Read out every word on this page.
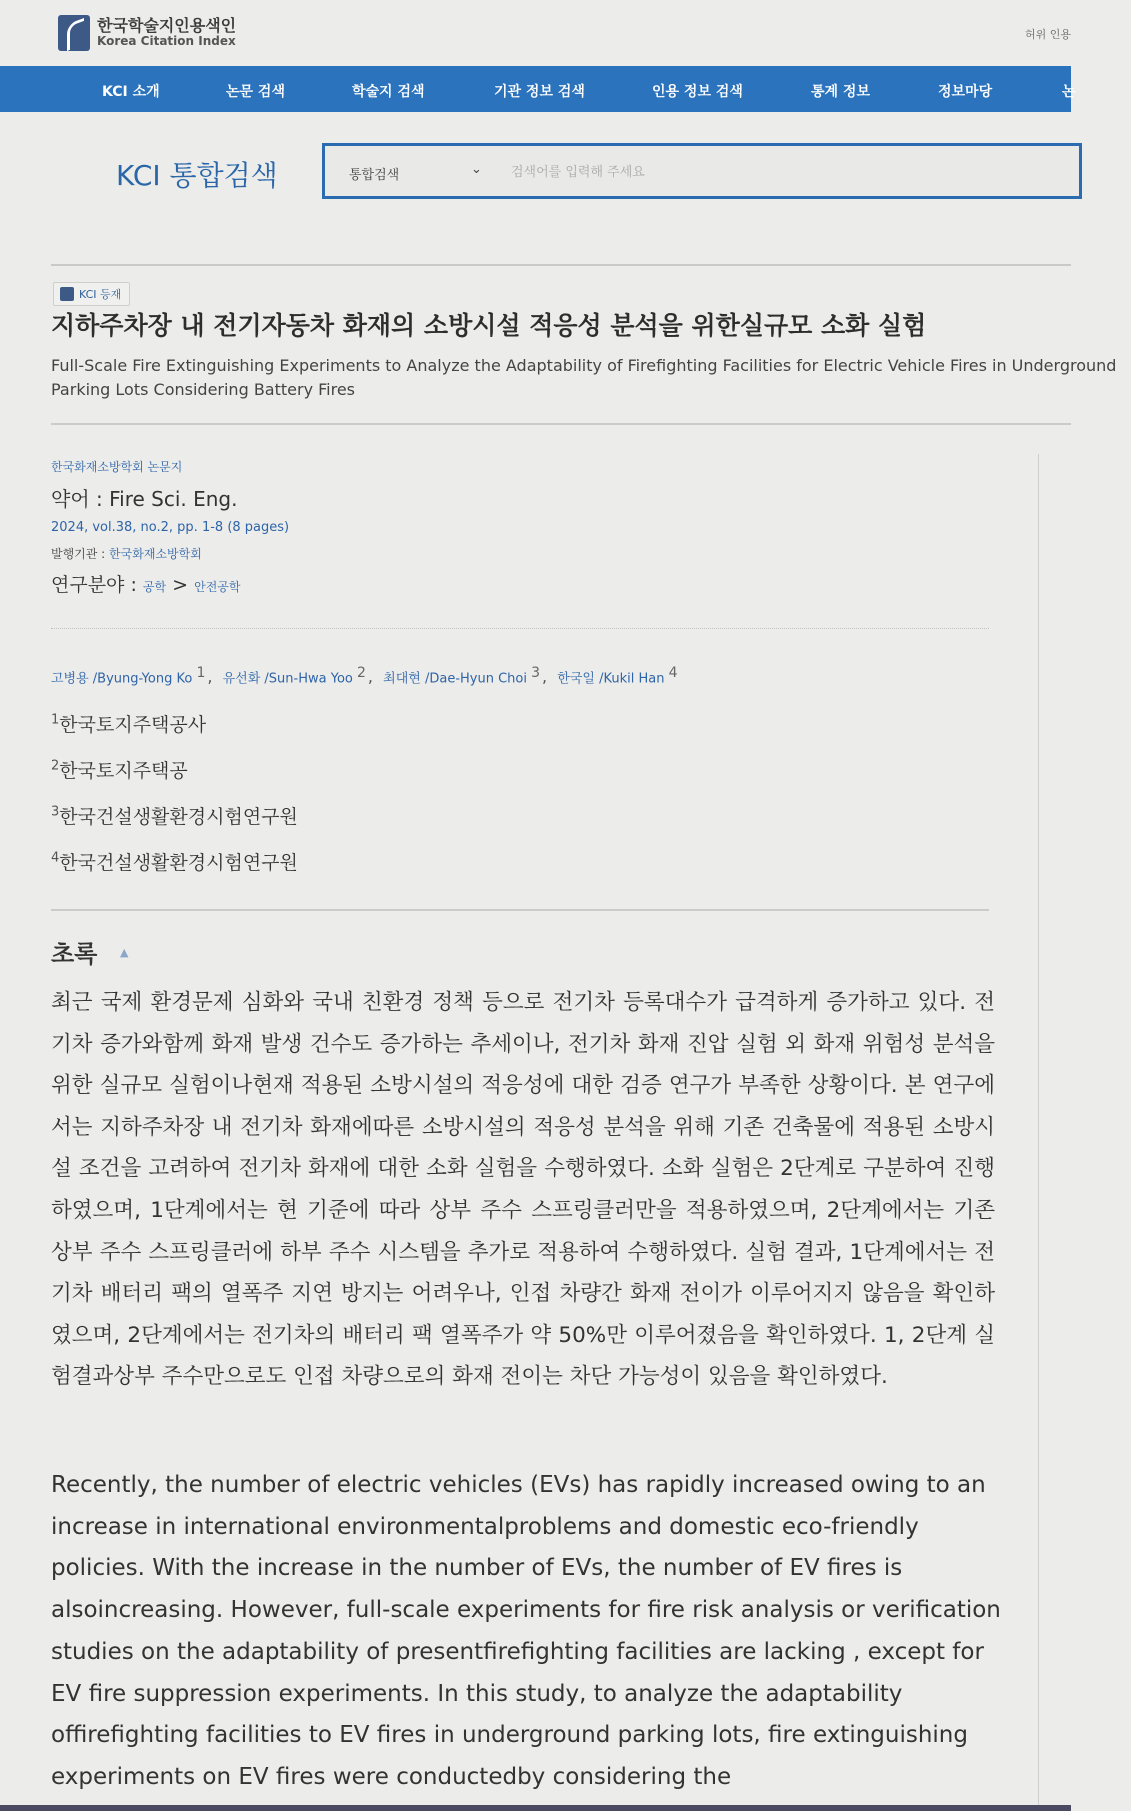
한국학술지인용색인
Korea Citation Index	허위 인용
KCI 소개	논문 검색	학술지 검색	기관 정보 검색	인용 정보 검색	통계 정보	정보마당	논
KCI 통합검색	통합검색	⌄
검색어를 입력해 주세요
KCI 등재
지하주차장 내 전기자동차 화재의 소방시설 적응성 분석을 위한실규모 소화 실험
Full-Scale Fire Extinguishing Experiments to Analyze the Adaptability of Firefighting Facilities for Electric Vehicle Fires in Underground Parking Lots Considering Battery Fires
한국화재소방학회 논문지
약어 : Fire Sci. Eng.
2024, vol.38, no.2, pp. 1-8 (8 pages)
발행기관 : 한국화재소방학회
연구분야 : 공학 > 안전공학
고병용 /Byung-Yong Ko $^1$ , 유선화 /Sun-Hwa Yoo $^2$ , 최대현 /Dae-Hyun Choi $^3$ , 한국일 /Kukil Han $^4$
$^1$한국토지주택공사
$^2$한국토지주택공
$^3$한국건설생활환경시험연구원
$^4$한국건설생활환경시험연구원
초록 ▲
최근 국제 환경문제 심화와 국내 친환경 정책 등으로 전기차 등록대수가 급격하게 증가하고 있다. 전기차 증가와함께 화재 발생 건수도 증가하는 추세이나, 전기차 화재 진압 실험 외 화재 위험성 분석을 위한 실규모 실험이나현재 적용된 소방시설의 적응성에 대한 검증 연구가 부족한 상황이다. 본 연구에서는 지하주차장 내 전기차 화재에따른 소방시설의 적응성 분석을 위해 기존 건축물에 적용된 소방시설 조건을 고려하여 전기차 화재에 대한 소화 실험을 수행하였다. 소화 실험은 2단계로 구분하여 진행하였으며, 1단계에서는 현 기준에 따라 상부 주수 스프링클러만을 적용하였으며, 2단계에서는 기존 상부 주수 스프링클러에 하부 주수 시스템을 추가로 적용하여 수행하였다. 실험 결과, 1단계에서는 전기차 배터리 팩의 열폭주 지연 방지는 어려우나, 인접 차량간 화재 전이가 이루어지지 않음을 확인하였으며, 2단계에서는 전기차의 배터리 팩 열폭주가 약 50%만 이루어졌음을 확인하였다. 1, 2단계 실험결과상부 주수만으로도 인접 차량으로의 화재 전이는 차단 가능성이 있음을 확인하였다.
Recently, the number of electric vehicles (EVs) has rapidly increased owing to an increase in international environmentalproblems and domestic eco-friendly policies. With the increase in the number of EVs, the number of EV fires is alsoincreasing. However, full-scale experiments for fire risk analysis or verification studies on the adaptability of presentfirefighting facilities are lacking , except for EV fire suppression experiments. In this study, to analyze the adaptability offirefighting facilities to EV fires in underground parking lots, fire extinguishing experiments on EV fires were conductedby considering the
